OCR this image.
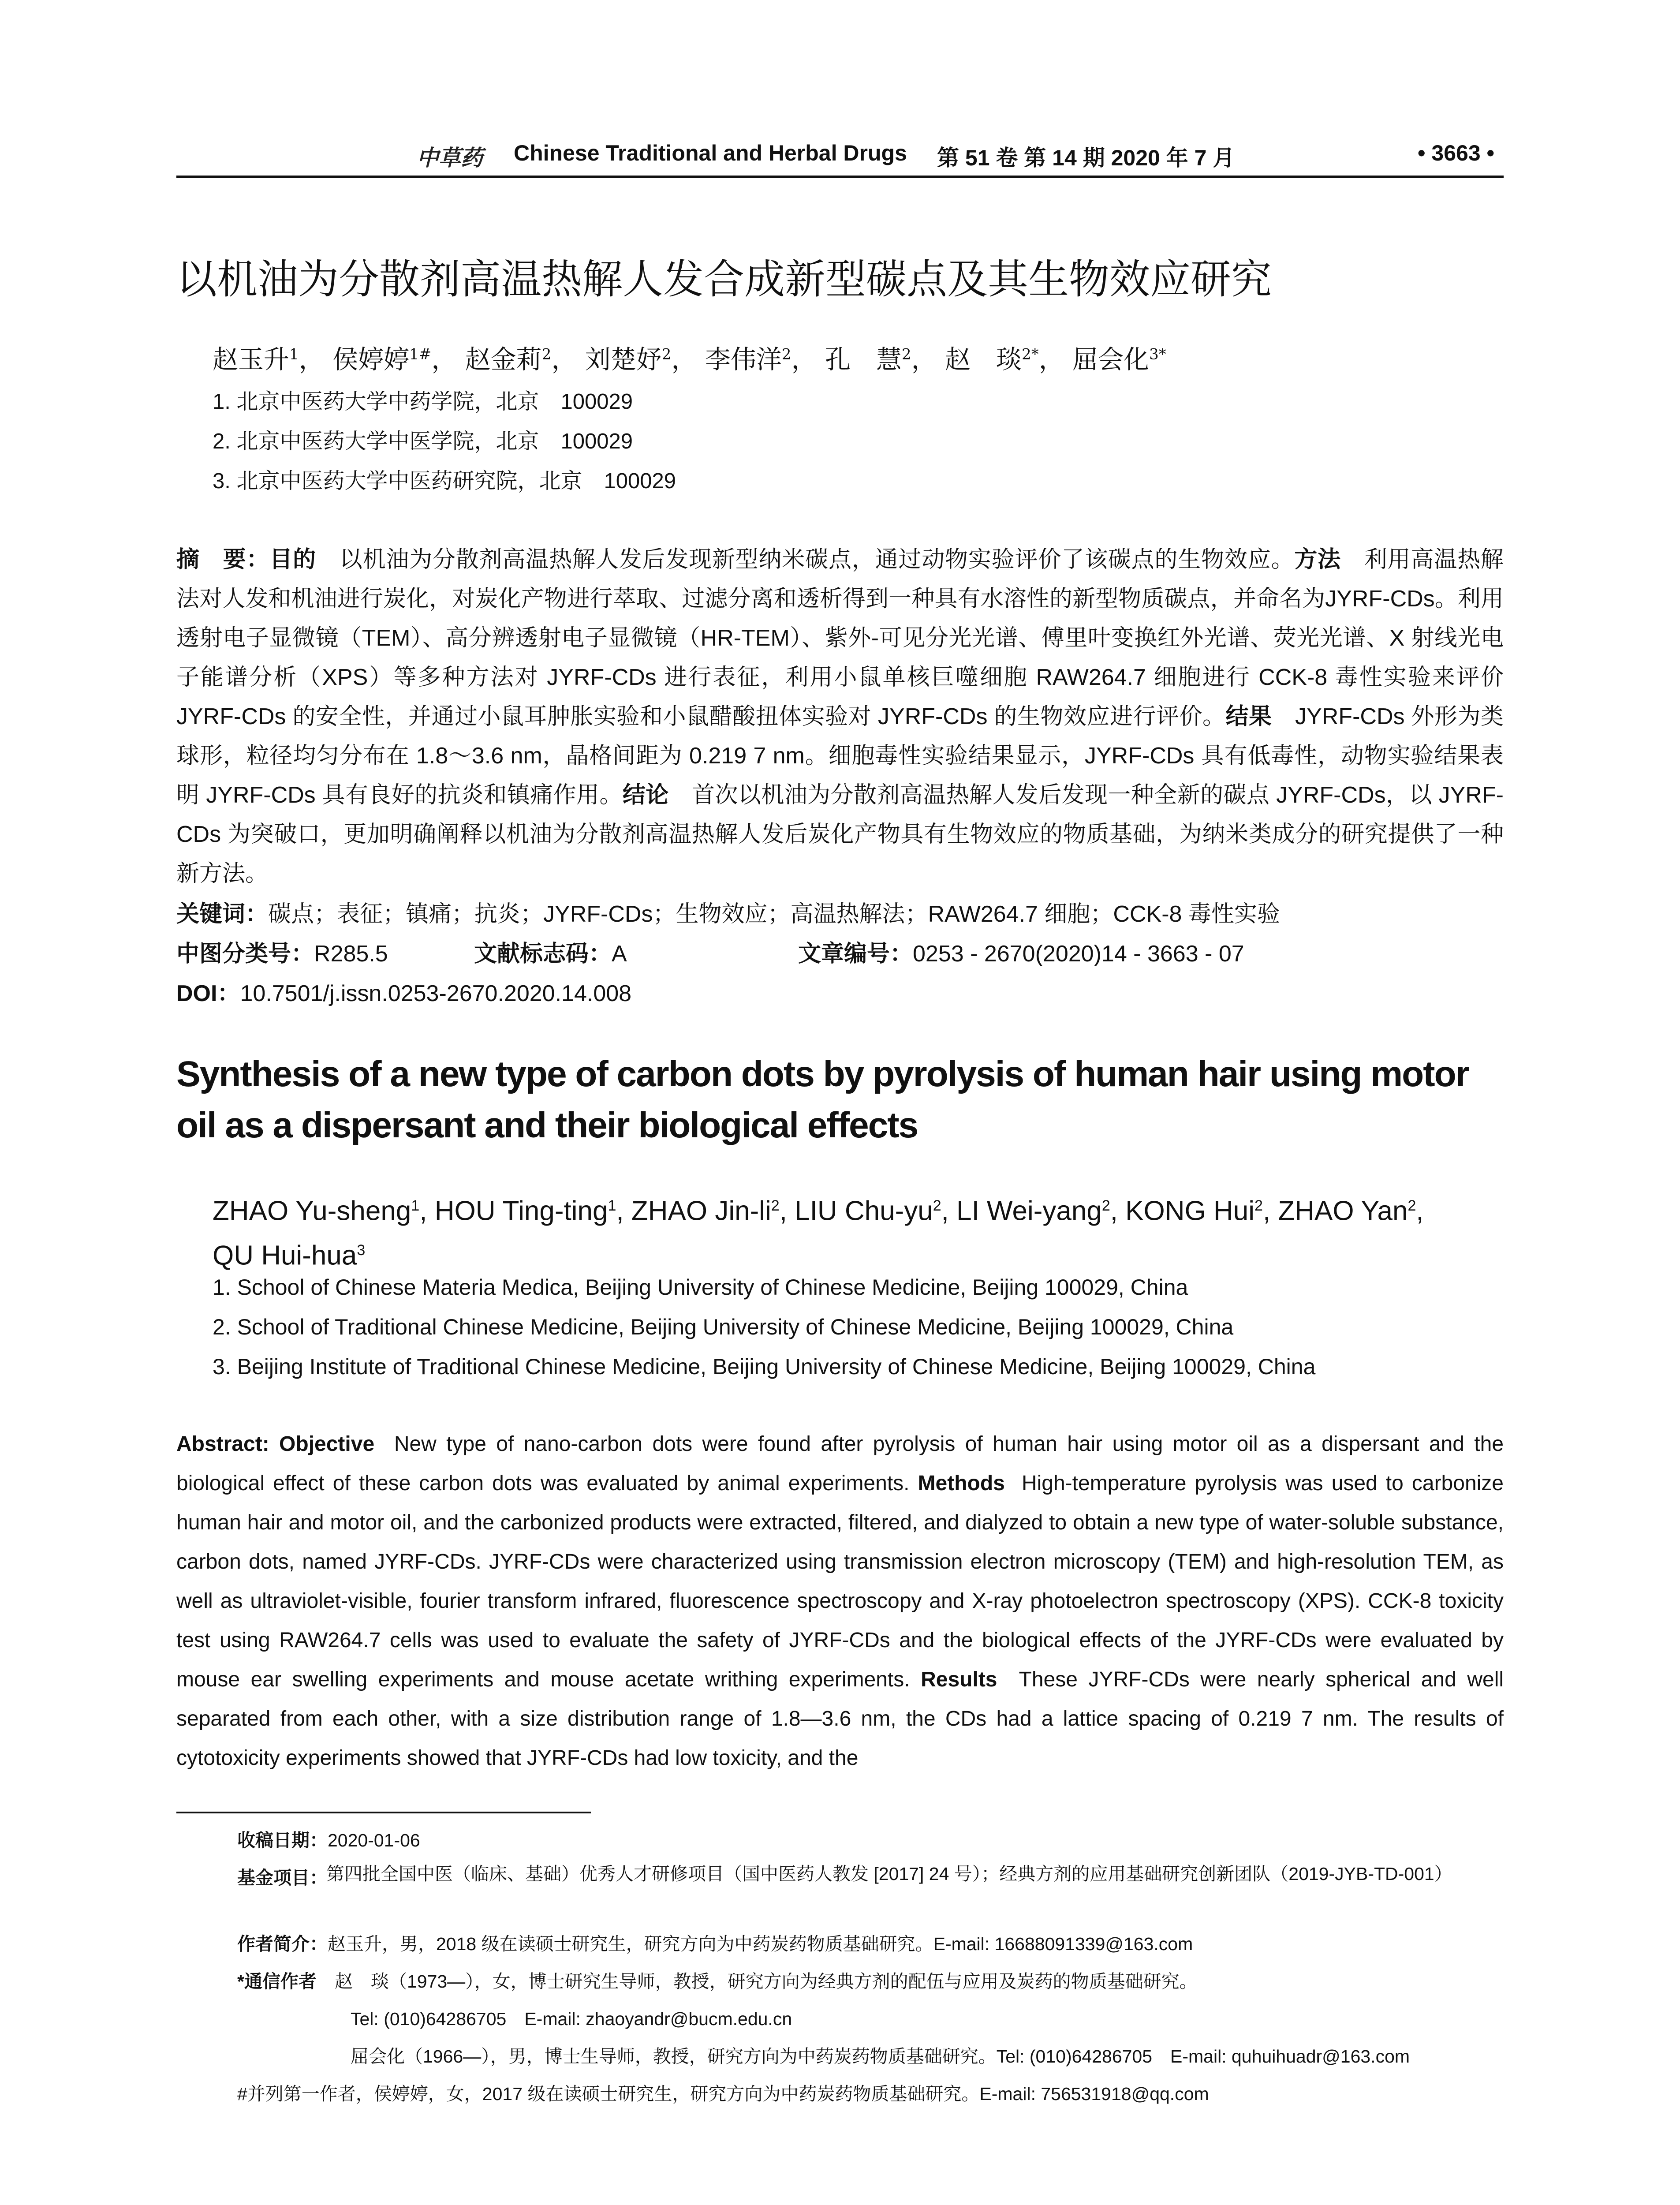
中草药 Chinese Traditional and Herbal Drugs 第 51 卷 第 14 期 2020 年 7 月	• 3663 •
以机油为分散剂高温热解人发合成新型碳点及其生物效应研究
赵玉升$^1$， 侯婷婷$^{1\#}$， 赵金莉$^2$， 刘楚妤$^2$， 李伟洋$^2$， 孔　慧$^2$， 赵　琰$^{2*}$， 屈会化$^{3*}$
1. 北京中医药大学中药学院，北京　100029
2. 北京中医药大学中医学院，北京　100029
3. 北京中医药大学中医药研究院，北京　100029
摘　要：目的　 以机油为分散剂高温热解人发后发现新型纳米碳点，通过动物实验评价了该碳点的生物效应。方法　 利用高温热解法对人发和机油进行炭化，对炭化产物进行萃取、过滤分离和透析得到一种具有水溶性的新型物质碳点，并命名为JYRF-CDs。利用透射电子显微镜（TEM）、高分辨透射电子显微镜（HR-TEM）、紫外-可见分光光谱、傅里叶变换红外光谱、荧光光谱、X 射线光电子能谱分析（XPS）等多种方法对 JYRF-CDs 进行表征，利用小鼠单核巨噬细胞 RAW264.7 细胞进行 CCK-8 毒性实验来评价 JYRF-CDs 的安全性，并通过小鼠耳肿胀实验和小鼠醋酸扭体实验对 JYRF-CDs 的生物效应进行评价。结果　 JYRF-CDs 外形为类球形，粒径均匀分布在 1.8～3.6 nm，晶格间距为 0.219 7 nm。细胞毒性实验结果显示，JYRF-CDs 具有低毒性，动物实验结果表明 JYRF-CDs 具有良好的抗炎和镇痛作用。结论　 首次以机油为分散剂高温热解人发后发现一种全新的碳点 JYRF-CDs，以 JYRF-CDs 为突破口，更加明确阐释以机油为分散剂高温热解人发后炭化产物具有生物效应的物质基础，为纳米类成分的研究提供了一种新方法。
关键词：碳点；表征；镇痛；抗炎；JYRF-CDs；生物效应；高温热解法；RAW264.7 细胞；CCK-8 毒性实验
中图分类号：R285.5	文献标志码：A	文章编号：0253 - 2670(2020)14 - 3663 - 07
DOI：10.7501/j.issn.0253-2670.2020.14.008
Synthesis of a new type of carbon dots by pyrolysis of human hair using motor oil as a dispersant and their biological effects
ZHAO Yu-sheng$^1$, HOU Ting-ting$^1$, ZHAO Jin-$li^2$, LIU Chu-$yu^2$, LI Wei-yang$^2$, KONG Hui$^2$, ZHAO Yan$^2$,
QU Hui-hua$^3$
1. School of Chinese Materia Medica, Beijing University of Chinese Medicine, Beijing 100029, China
2. School of Traditional Chinese Medicine, Beijing University of Chinese Medicine, Beijing 100029, China
3. Beijing Institute of Traditional Chinese Medicine, Beijing University of Chinese Medicine, Beijing 100029, China
Abstract: Objective New type of nano-carbon dots were found after pyrolysis of human hair using motor oil as a dispersant and the biological effect of these carbon dots was evaluated by animal experiments. Methods High-temperature pyrolysis was used to carbonize human hair and motor oil, and the carbonized products were extracted, filtered, and dialyzed to obtain a new type of water-soluble substance, carbon dots, named JYRF-CDs. JYRF-CDs were characterized using transmission electron microscopy (TEM) and high-resolution TEM, as well as ultraviolet-visible, fourier transform infrared, fluorescence spectroscopy and X-ray photoelectron spectroscopy (XPS). CCK-8 toxicity test using RAW264.7 cells was used to evaluate the safety of JYRF-CDs and the biological effects of the JYRF-CDs were evaluated by mouse ear swelling experiments and mouse acetate writhing experiments. Results These JYRF-CDs were nearly spherical and well separated from each other, with a size distribution range of 1.8—3.6 nm, the CDs had a lattice spacing of 0.219 7 nm. The results of cytotoxicity experiments showed that JYRF-CDs had low toxicity, and the
收稿日期：2020-01-06
基金项目：
第四批全国中医（临床、基础）优秀人才研修项目（国中医药人教发 [2017] 24 号）；经典方剂的应用基础研究创新团队（2019-JYB-TD-001）
作者简介：赵玉升，男，2018 级在读硕士研究生，研究方向为中药炭药物质基础研究。E-mail: 16688091339@163.com
*通信作者　 赵　琰（1973—），女，博士研究生导师，教授，研究方向为经典方剂的配伍与应用及炭药的物质基础研究。
Tel: (010)64286705　E-mail: zhaoyandr@bucm.edu.cn
屈会化（1966—），男，博士生导师，教授，研究方向为中药炭药物质基础研究。Tel: (010)64286705　E-mail: quhuihuadr@163.com
#并列第一作者，侯婷婷，女，2017 级在读硕士研究生，研究方向为中药炭药物质基础研究。E-mail: 756531918@qq.com
